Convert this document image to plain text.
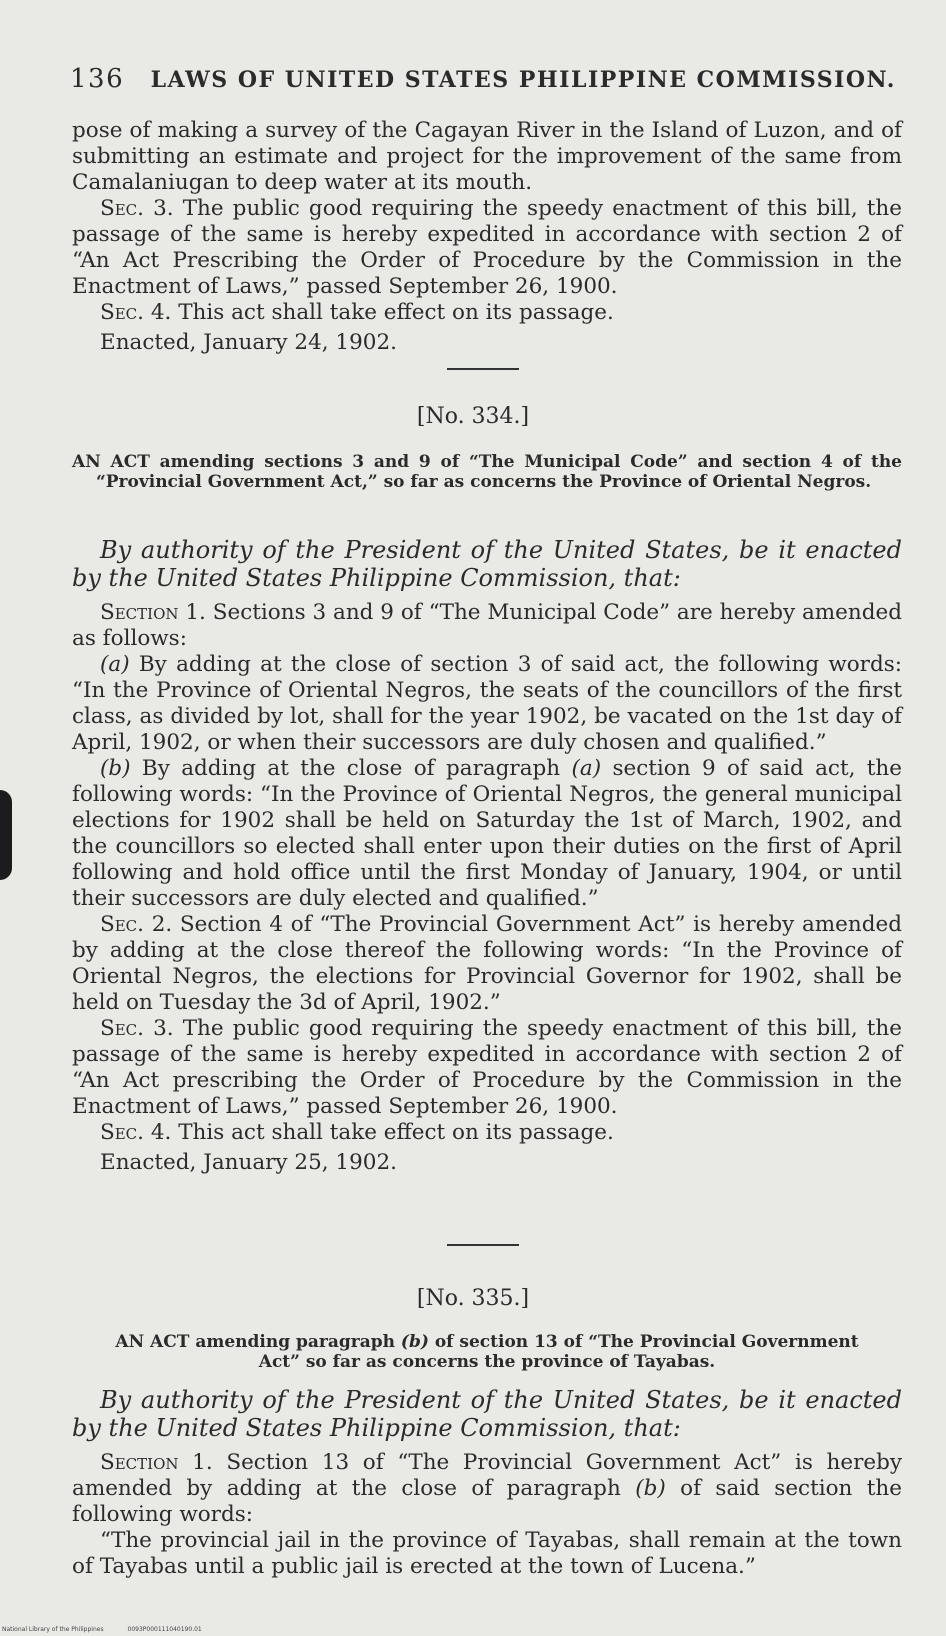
136 LAWS OF UNITED STATES PHILIPPINE COMMISSION.

pose of making a survey of the Cagayan River in the Island of Luzon, and of submitting an estimate and project for the improvement of the same from Camalaniugan to deep water at its mouth.

Sec. 3. The public good requiring the speedy enactment of this bill, the passage of the same is hereby expedited in accordance with section 2 of “An Act Prescribing the Order of Procedure by the Commission in the Enactment of Laws,” passed September 26, 1900.

Sec. 4. This act shall take effect on its passage.

Enacted, January 24, 1902.

[No. 334.]

AN ACT amending sections 3 and 9 of “The Municipal Code” and section 4 of the “Provincial Government Act,” so far as concerns the Province of Oriental Negros.

By authority of the President of the United States, be it enacted by the United States Philippine Commission, that:

Section 1. Sections 3 and 9 of “The Municipal Code” are hereby amended as follows:

(a) By adding at the close of section 3 of said act, the following words: “In the Province of Oriental Negros, the seats of the councillors of the first class, as divided by lot, shall for the year 1902, be vacated on the 1st day of April, 1902, or when their successors are duly chosen and qualified.”

(b) By adding at the close of paragraph (a) section 9 of said act, the following words: “In the Province of Oriental Negros, the general municipal elections for 1902 shall be held on Saturday the 1st of March, 1902, and the councillors so elected shall enter upon their duties on the first of April following and hold office until the first Monday of January, 1904, or until their successors are duly elected and qualified.”

Sec. 2. Section 4 of “The Provincial Government Act” is hereby amended by adding at the close thereof the following words: “In the Province of Oriental Negros, the elections for Provincial Governor for 1902, shall be held on Tuesday the 3d of April, 1902.”

Sec. 3. The public good requiring the speedy enactment of this bill, the passage of the same is hereby expedited in accordance with section 2 of “An Act prescribing the Order of Procedure by the Commission in the Enactment of Laws,” passed September 26, 1900.

Sec. 4. This act shall take effect on its passage.

Enacted, January 25, 1902.

[No. 335.]

AN ACT amending paragraph (b) of section 13 of “The Provincial Government Act” so far as concerns the province of Tayabas.

By authority of the President of the United States, be it enacted by the United States Philippine Commission, that:

Section 1. Section 13 of “The Provincial Government Act” is hereby amended by adding at the close of paragraph (b) of said section the following words:

“The provincial jail in the province of Tayabas, shall remain at the town of Tayabas until a public jail is erected at the town of Lucena.”

National Library of the Philippines	0093P000111040190.01
